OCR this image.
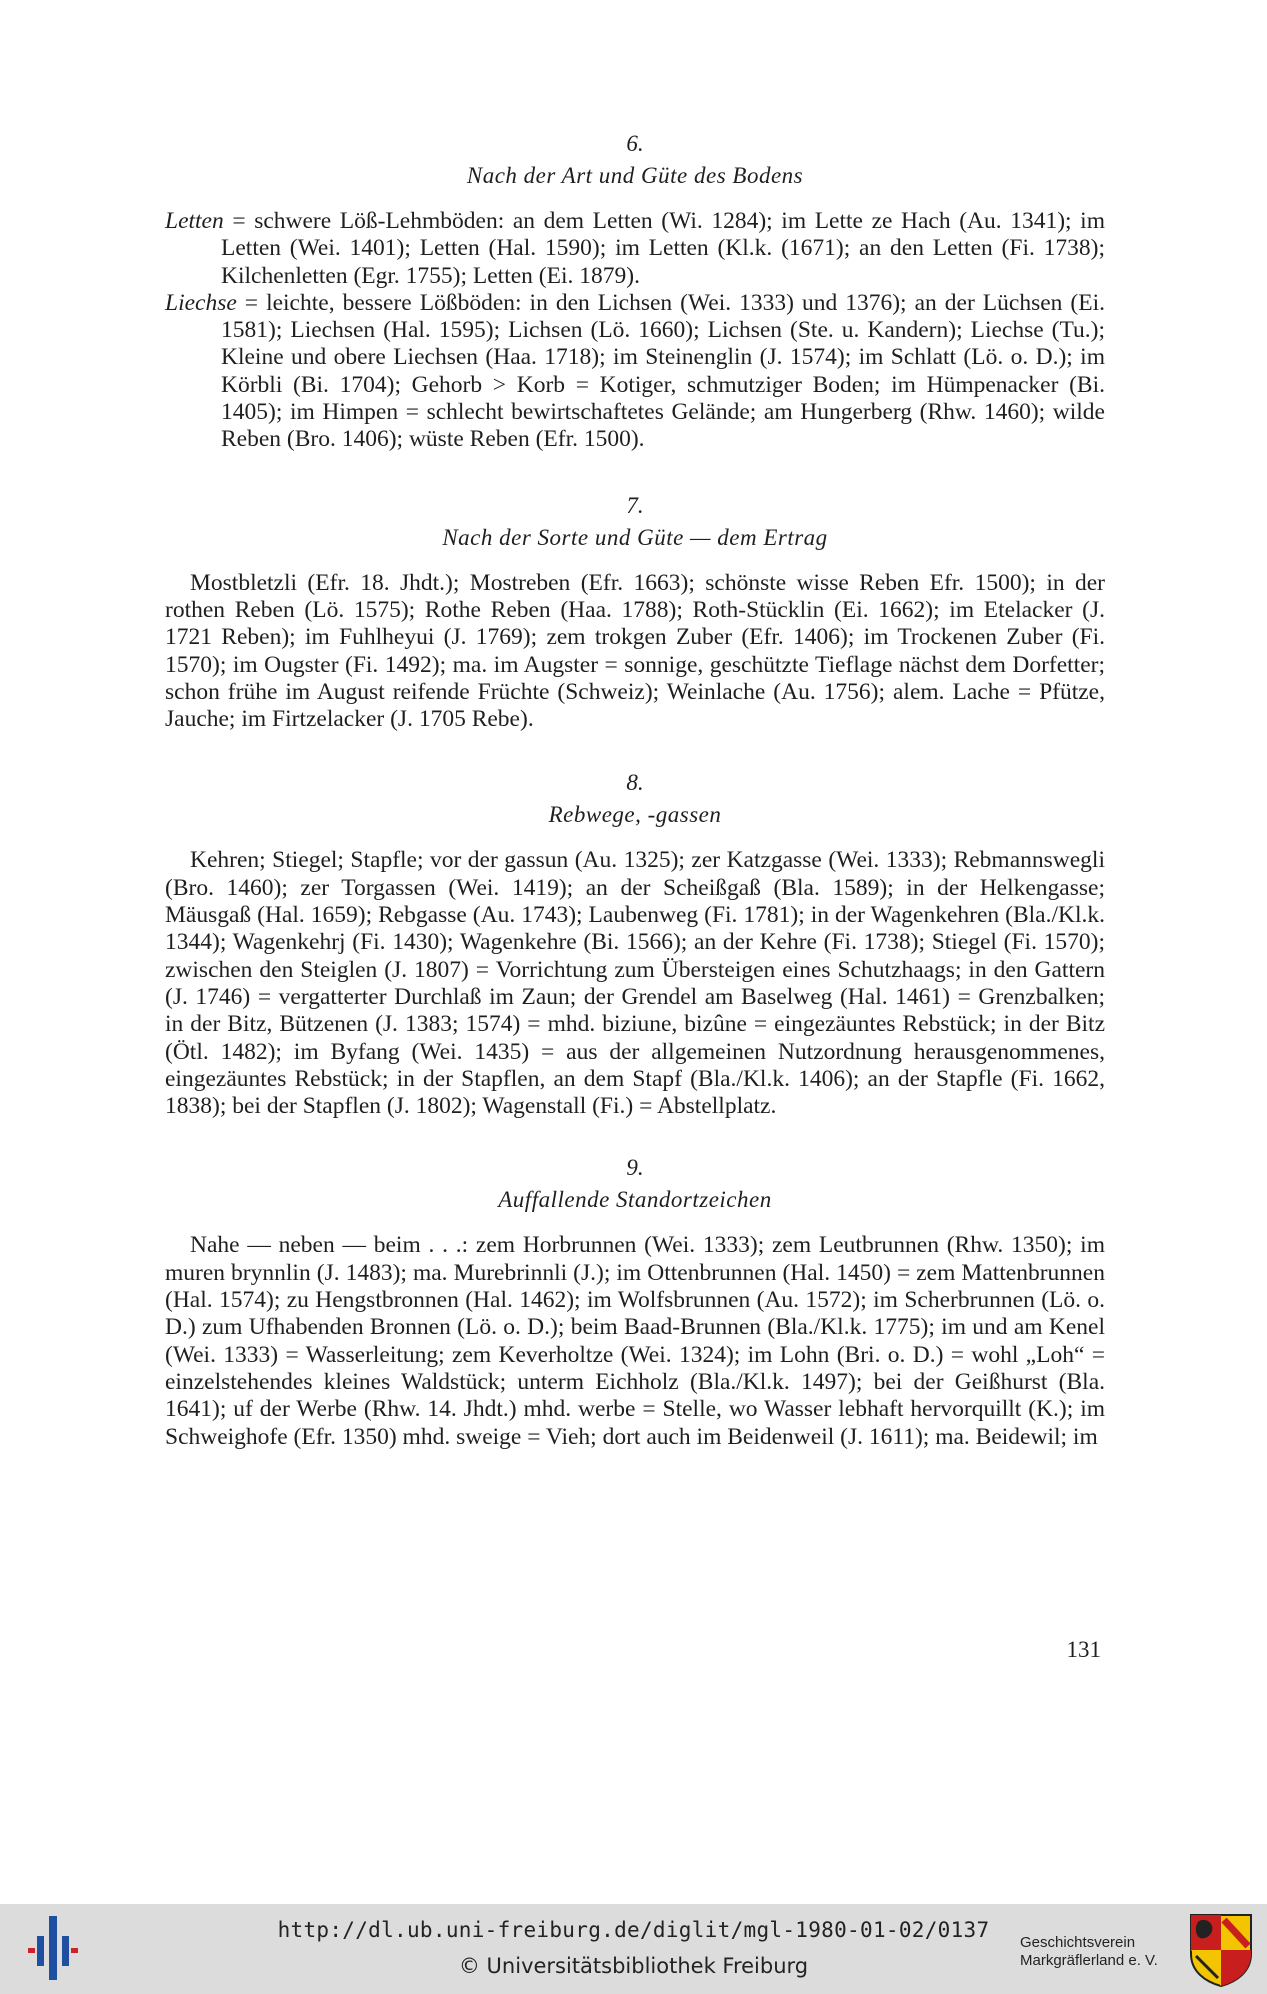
6.
Nach der Art und Güte des Bodens

Letten = schwere Löß-Lehmböden: an dem Letten (Wi. 1284); im Lette ze Hach (Au. 1341); im Letten (Wei. 1401); Letten (Hal. 1590); im Letten (Kl.k. (1671); an den Letten (Fi. 1738); Kilchenletten (Egr. 1755); Letten (Ei. 1879).

Liechse = leichte, bessere Lößböden: in den Lichsen (Wei. 1333) und 1376); an der Lüchsen (Ei. 1581); Liechsen (Hal. 1595); Lichsen (Lö. 1660); Lichsen (Ste. u. Kandern); Liechse (Tu.); Kleine und obere Liechsen (Haa. 1718); im Steinenglin (J. 1574); im Schlatt (Lö. o. D.); im Körbli (Bi. 1704); Gehorb > Korb = Kotiger, schmutziger Boden; im Hümpenacker (Bi. 1405); im Himpen = schlecht bewirtschaftetes Gelände; am Hungerberg (Rhw. 1460); wilde Reben (Bro. 1406); wüste Reben (Efr. 1500).

7.
Nach der Sorte und Güte — dem Ertrag

Mostbletzli (Efr. 18. Jhdt.); Mostreben (Efr. 1663); schönste wisse Reben Efr. 1500); in der rothen Reben (Lö. 1575); Rothe Reben (Haa. 1788); Roth-Stücklin (Ei. 1662); im Etelacker (J. 1721 Reben); im Fuhlheyui (J. 1769); zem trokgen Zuber (Efr. 1406); im Trockenen Zuber (Fi. 1570); im Ougster (Fi. 1492); ma. im Augster = sonnige, geschützte Tieflage nächst dem Dorfetter; schon frühe im August reifende Früchte (Schweiz); Weinlache (Au. 1756); alem. Lache = Pfütze, Jauche; im Firtzelacker (J. 1705 Rebe).

8.
Rebwege, -gassen

Kehren; Stiegel; Stapfle; vor der gassun (Au. 1325); zer Katzgasse (Wei. 1333); Rebmannswegli (Bro. 1460); zer Torgassen (Wei. 1419); an der Scheißgaß (Bla. 1589); in der Helkengasse; Mäusgaß (Hal. 1659); Rebgasse (Au. 1743); Laubenweg (Fi. 1781); in der Wagenkehren (Bla./Kl.k. 1344); Wagenkehrj (Fi. 1430); Wagenkehre (Bi. 1566); an der Kehre (Fi. 1738); Stiegel (Fi. 1570); zwischen den Steiglen (J. 1807) = Vorrichtung zum Übersteigen eines Schutzhaags; in den Gattern (J. 1746) = vergatterter Durchlaß im Zaun; der Grendel am Baselweg (Hal. 1461) = Grenzbalken; in der Bitz, Bützenen (J. 1383; 1574) = mhd. biziune, bizûne = eingezäuntes Rebstück; in der Bitz (Ötl. 1482); im Byfang (Wei. 1435) = aus der allgemeinen Nutzordnung herausgenommenes, eingezäuntes Rebstück; in der Stapflen, an dem Stapf (Bla./Kl.k. 1406); an der Stapfle (Fi. 1662, 1838); bei der Stapflen (J. 1802); Wagenstall (Fi.) = Abstellplatz.

9.
Auffallende Standortzeichen

Nahe — neben — beim . . .: zem Horbrunnen (Wei. 1333); zem Leutbrunnen (Rhw. 1350); im muren brynnlin (J. 1483); ma. Murebrinnli (J.); im Ottenbrunnen (Hal. 1450) = zem Mattenbrunnen (Hal. 1574); zu Hengstbronnen (Hal. 1462); im Wolfsbrunnen (Au. 1572); im Scherbrunnen (Lö. o. D.) zum Ufhabenden Bronnen (Lö. o. D.); beim Baad-Brunnen (Bla./Kl.k. 1775); im und am Kenel (Wei. 1333) = Wasserleitung; zem Keverholtze (Wei. 1324); im Lohn (Bri. o. D.) = wohl „Loh“ = einzelstehendes kleines Waldstück; unterm Eichholz (Bla./Kl.k. 1497); bei der Geißhurst (Bla. 1641); uf der Werbe (Rhw. 14. Jhdt.) mhd. werbe = Stelle, wo Wasser lebhaft hervorquillt (K.); im Schweighofe (Efr. 1350) mhd. sweige = Vieh; dort auch im Beidenweil (J. 1611); ma. Beidewil; im

131
http://dl.ub.uni-freiburg.de/diglit/mgl-1980-01-02/0137
© Universitätsbibliothek Freiburg
Geschichtsverein
Markgräflerland e. V.
